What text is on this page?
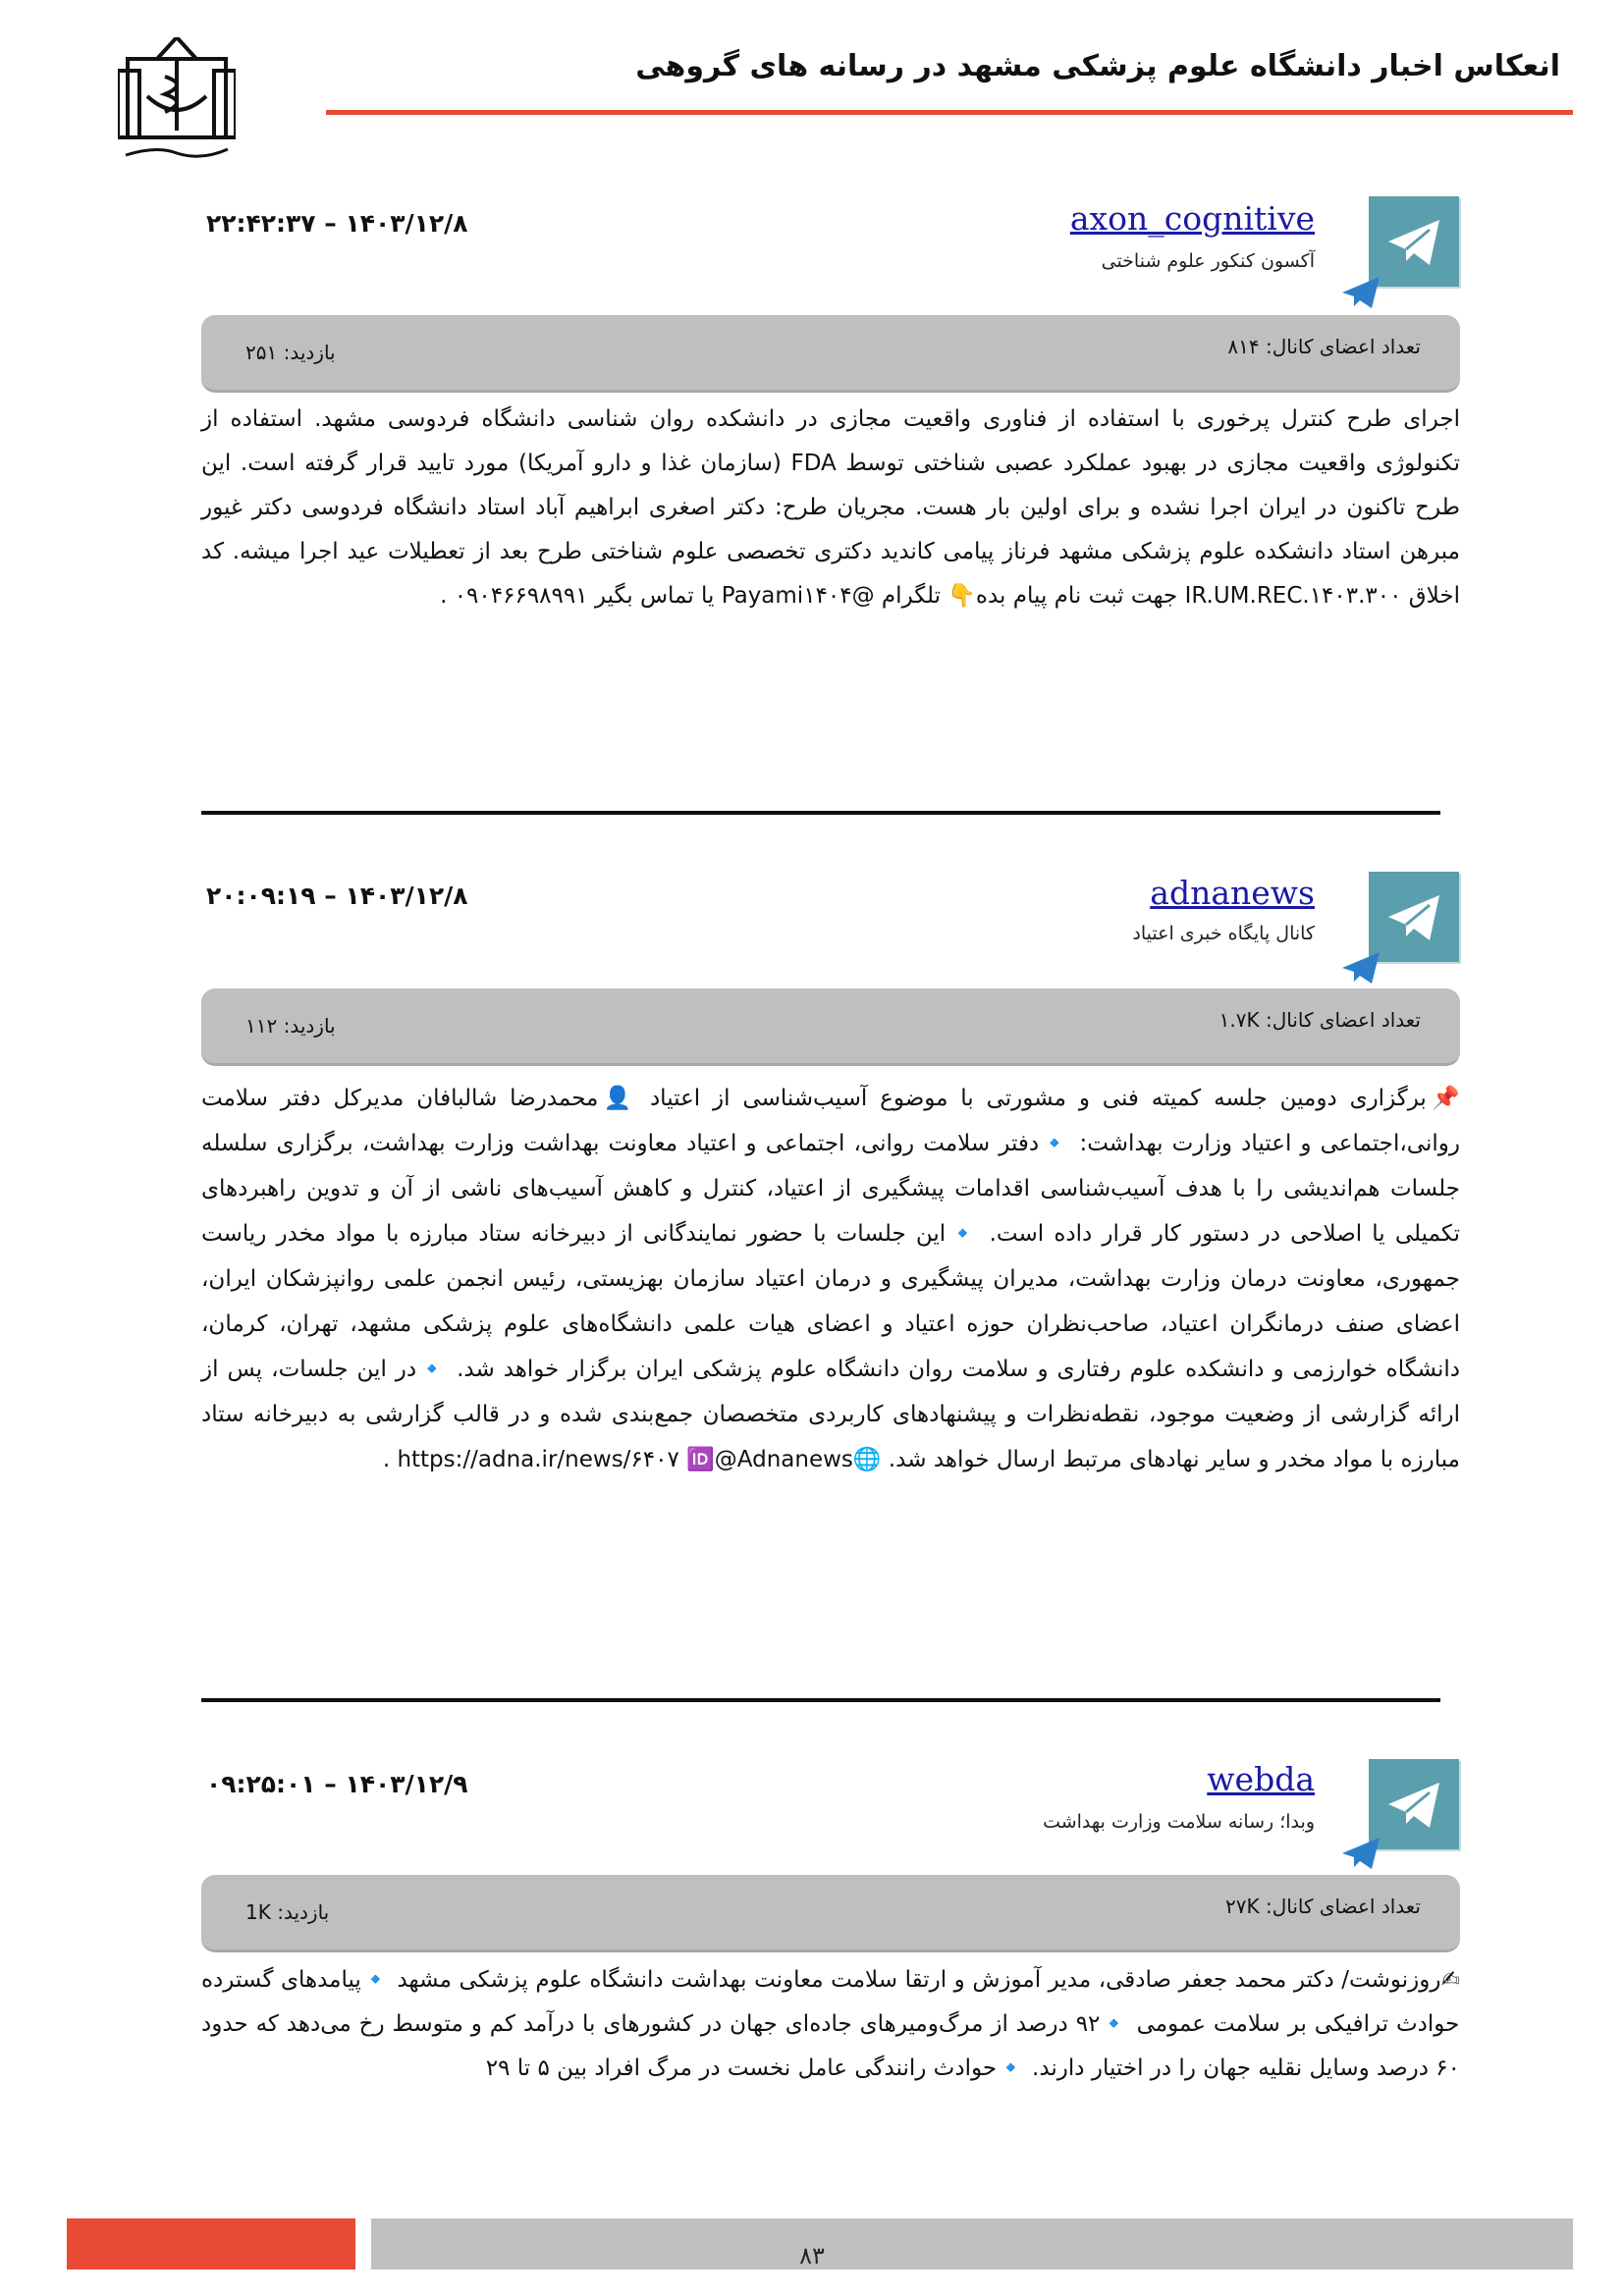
انعکاس اخبار دانشگاه علوم پزشکی مشهد در رسانه های گروهی
axon_cognitive
آکسون کنکور علوم شناختی
۲۲:۴۲:۳۷ – ۱۴۰۳/۱۲/۸
تعداد اعضای کانال: ۸۱۴
بازدید: ۲۵۱

اجرای طرح کنترل پرخوری با استفاده از فناوری واقعیت مجازی در دانشکده روان شناسی دانشگاه فردوسی مشهد. استفاده از تکنولوژی واقعیت مجازی در بهبود عملکرد عصبی شناختی توسط FDA (سازمان غذا و دارو آمریکا) مورد تایید قرار گرفته است. این طرح تاکنون در ایران اجرا نشده و برای اولین بار هست. مجریان طرح: دکتر اصغری ابراهیم آباد استاد دانشگاه فردوسی دکتر غیور مبرهن استاد دانشکده علوم پزشکی مشهد فرناز پیامی کاندید دکتری تخصصی علوم شناختی طرح بعد از تعطیلات عید اجرا میشه. کد اخلاق IR.UM.REC.۱۴۰۳.۳۰۰ جهت ثبت نام پیام بده👇 تلگرام @Payami۱۴۰۴ یا تماس بگیر ۰۹۰۴۶۶۹۸۹۹۱ .

adnanews
کانال پایگاه خبری اعتیاد
۲۰:۰۹:۱۹ – ۱۴۰۳/۱۲/۸
تعداد اعضای کانال: ۱.۷K
بازدید: ۱۱۲

📌برگزاری دومین جلسه کمیته فنی و مشورتی با موضوع آسیب‌شناسی از اعتیاد 👤محمدرضا شالبافان مدیرکل دفتر سلامت روانی،اجتماعی و اعتیاد وزارت بهداشت: 🔹دفتر سلامت روانی، اجتماعی و اعتیاد معاونت بهداشت وزارت بهداشت، برگزاری سلسله جلسات هم‌اندیشی را با هدف آسیب‌شناسی اقدامات پیشگیری از اعتیاد، کنترل و کاهش آسیب‌های ناشی از آن و تدوین راهبردهای تکمیلی یا اصلاحی در دستور کار قرار داده است. 🔹این جلسات با حضور نمایندگانی از دبیرخانه ستاد مبارزه با مواد مخدر ریاست جمهوری، معاونت درمان وزارت بهداشت، مدیران پیشگیری و درمان اعتیاد سازمان بهزیستی، رئیس انجمن علمی روانپزشکان ایران، اعضای صنف درمانگران اعتیاد، صاحب‌نظران حوزه اعتیاد و اعضای هیات علمی دانشگاه‌های علوم پزشکی مشهد، تهران، کرمان، دانشگاه خوارزمی و دانشکده علوم رفتاری و سلامت روان دانشگاه علوم پزشکی ایران برگزار خواهد شد. 🔹در این جلسات، پس از ارائه گزارشی از وضعیت موجود، نقطه‌نظرات و پیشنهادهای کاربردی متخصصان جمع‌بندی شده و در قالب گزارشی به دبیرخانه ستاد مبارزه با مواد مخدر و سایر نهادهای مرتبط ارسال خواهد شد. 🌐https://adna.ir/news/۶۴۰۷ 🆔@Adnanews .

webda
وبدا؛ رسانه سلامت وزارت بهداشت
۰۹:۲۵:۰۱ – ۱۴۰۳/۱۲/۹
تعداد اعضای کانال: ۲۷K
بازدید: 1K

✍روزنوشت/ دکتر محمد جعفر صادقی، مدیر آموزش و ارتقا سلامت معاونت بهداشت دانشگاه علوم پزشکی مشهد 🔹پیامدهای گسترده حوادث ترافیکی بر سلامت عمومی 🔹۹۲ درصد از مرگ‌ومیرهای جاده‌ای جهان در کشورهای با درآمد کم و متوسط رخ می‌دهد که حدود ۶۰ درصد وسایل نقلیه جهان را در اختیار دارند. 🔹حوادث رانندگی عامل نخست در مرگ افراد بین ۵ تا ۲۹

۸۳
